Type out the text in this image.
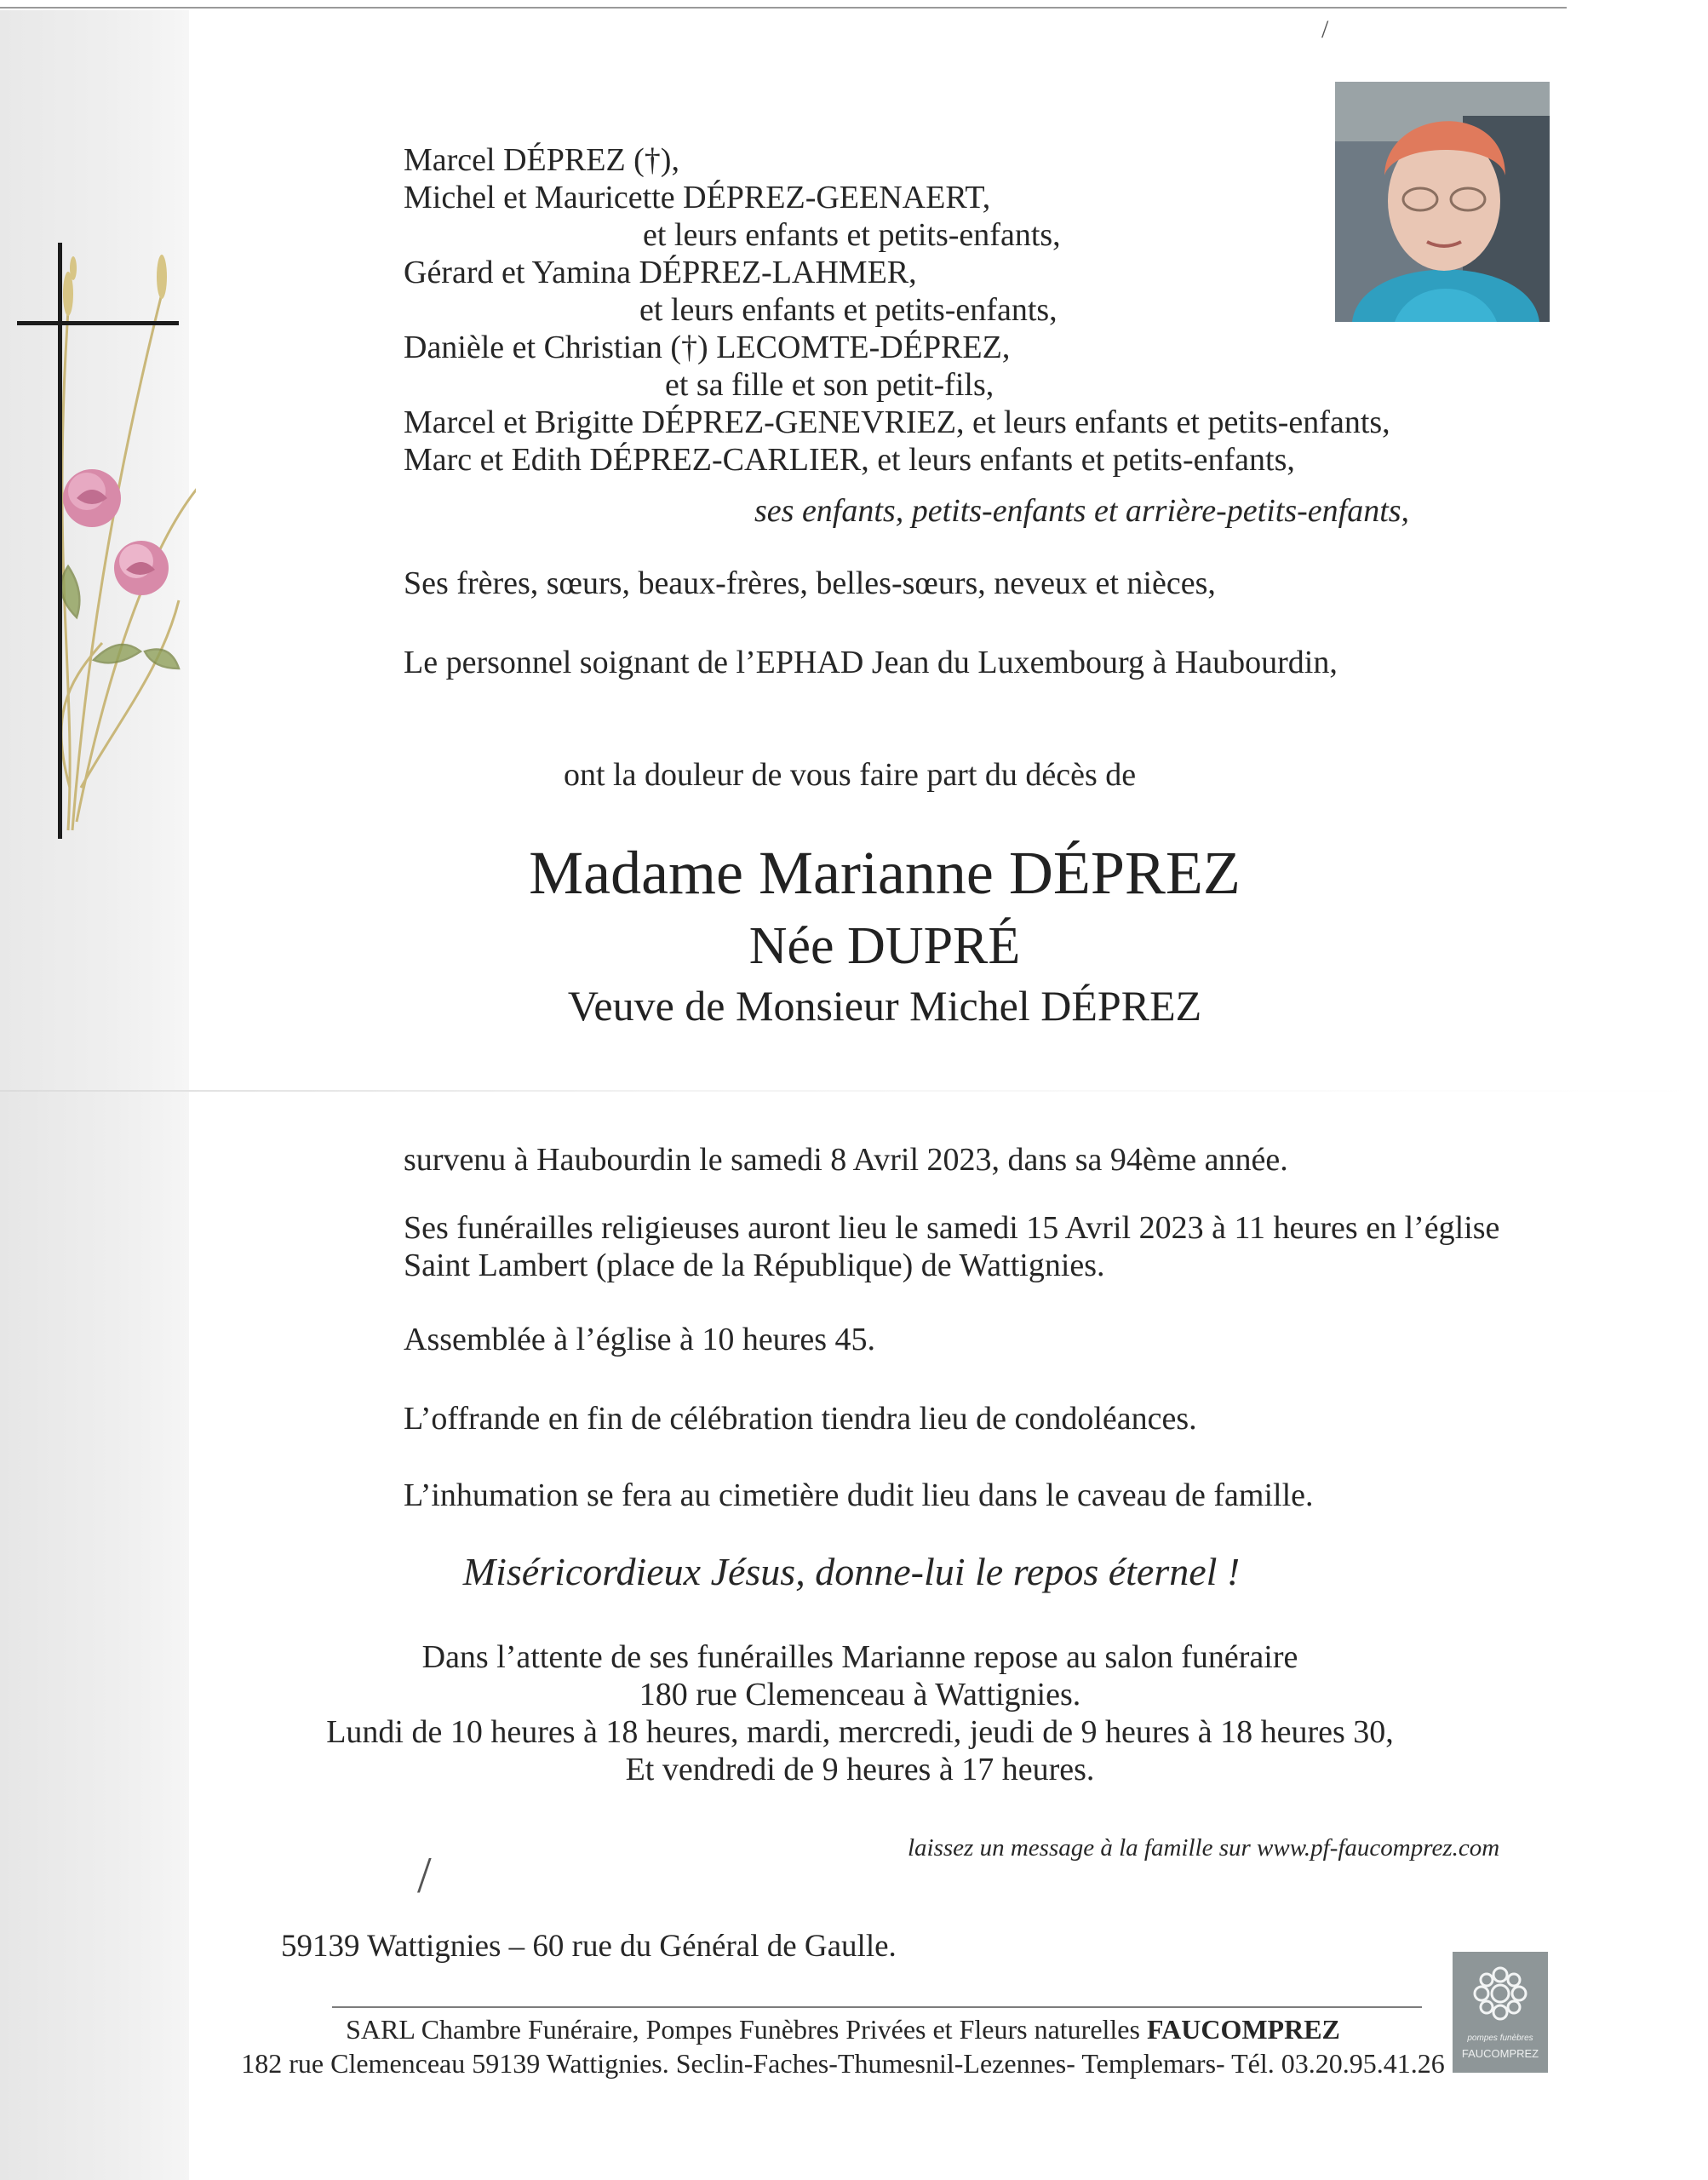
/
/
Marcel DÉPREZ (†),
Michel et Mauricette DÉPREZ-GEENAERT,
et leurs enfants et petits-enfants,
Gérard et Yamina DÉPREZ-LAHMER,
et leurs enfants et petits-enfants,
Danièle et Christian (†) LECOMTE-DÉPREZ,
et sa fille et son petit-fils,
Marcel et Brigitte DÉPREZ-GENEVRIEZ, et leurs enfants et petits-enfants,
Marc et Edith DÉPREZ-CARLIER, et leurs enfants et petits-enfants,
ses enfants, petits-enfants et arrière-petits-enfants,
Ses frères, sœurs, beaux-frères, belles-sœurs, neveux et nièces,
Le personnel soignant de l’EPHAD Jean du Luxembourg à Haubourdin,
ont la douleur de vous faire part du décès de
Madame Marianne DÉPREZ
Née DUPRÉ
Veuve de Monsieur Michel DÉPREZ
survenu à Haubourdin le samedi 8 Avril 2023, dans sa 94ème année.
Ses funérailles religieuses auront lieu le samedi 15 Avril 2023 à 11 heures en l’église
Saint Lambert (place de la République) de Wattignies.
Assemblée à l’église à 10 heures 45.
L’offrande en fin de célébration tiendra lieu de condoléances.
L’inhumation se fera au cimetière dudit lieu dans le caveau de famille.
Miséricordieux Jésus, donne-lui le repos éternel !
Dans l’attente de ses funérailles Marianne repose au salon funéraire
180 rue Clemenceau à Wattignies.
Lundi de 10 heures à 18 heures, mardi, mercredi, jeudi de 9 heures à 18 heures 30,
Et vendredi de 9 heures à 17 heures.
laissez un message à la famille sur www.pf-faucomprez.com
59139 Wattignies – 60 rue du Général de Gaulle.
SARL Chambre Funéraire, Pompes Funèbres Privées et Fleurs naturelles FAUCOMPREZ
182 rue Clemenceau 59139 Wattignies. Seclin-Faches-Thumesnil-Lezennes- Templemars- Tél. 03.20.95.41.26
pompes funèbres
FAUCOMPREZ
